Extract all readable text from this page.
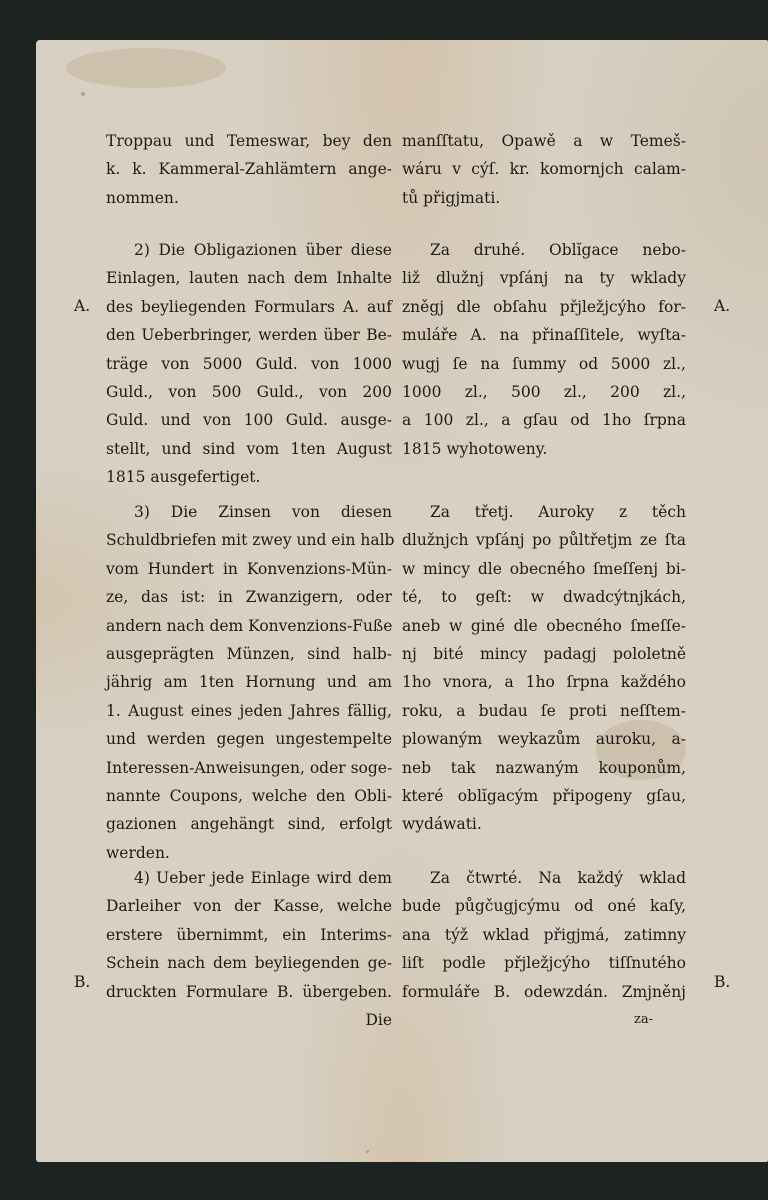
Troppau und Temeswar, bey den
k. k. Kammeral-Zahlämtern ange-
nommen.
2) Die Obligazionen über diese
Einlagen, lauten nach dem Inhalte
des beyliegenden Formulars A. auf
den Ueberbringer, werden über Be-
träge von 5000 Guld. von 1000
Guld., von 500 Guld., von 200
Guld. und von 100 Guld. ausge-
stellt, und sind vom 1ten August
1815 ausgefertiget.
A.
3) Die Zinsen von diesen
Schuldbriefen mit zwey und ein halb
vom Hundert in Konvenzions-Mün-
ze, das ist: in Zwanzigern, oder
andern nach dem Konvenzions-Fuße
ausgeprägten Münzen, sind halb-
jährig am 1ten Hornung und am
1. August eines jeden Jahres fällig,
und werden gegen ungestempelte
Interessen-Anweisungen, oder soge-
nannte Coupons, welche den Obli-
gazionen angehängt sind, erfolgt
werden.
4) Ueber jede Einlage wird dem
Darleiher von der Kasse, welche
erstere übernimmt, ein Interims-
Schein nach dem beyliegenden ge-
druckten Formulare B. übergeben.
Die
B.
manſſtatu, Opawě a w Temeš-
wáru v cýſ. kr. komornjch calam-
tů přigjmati.
Za druhé. Oblĭgace nebo-
liž dlužnj vpſánj na ty wklady
zněgj dle obſahu přjležjcýho for-
muláře A. na přinaſſitele, wyſta-
wugj ſe na ſummy od 5000 zl.,
1000 zl., 500 zl., 200 zl.,
a 100 zl., a gſau od 1ho ſrpna
1815 wyhotoweny.
A.
Za třetj. Auroky z těch
dlužnjch vpſánj po půltřetjm ze ſta
w mincy dle obecného ſmeſſenj bi-
té, to geſt: w dwadcýtnjkách,
aneb w giné dle obecného ſmeſſe-
nj bité mincy padagj pololetně
1ho vnora, a 1ho ſrpna každého
roku, a budau ſe proti neſſtem-
plowaným weykazům auroku, a-
neb tak nazwaným kouponům,
které oblĭgacým připogeny gſau,
wydáwati.
Za čtwrté. Na každý wklad
bude půgčugjcýmu od oné kaſy,
ana týž wklad přigjmá, zatimny
liſt podle přjležjcýho tiſſnutého
formuláře B. odewzdán. Zmjněnj
za-
B.
